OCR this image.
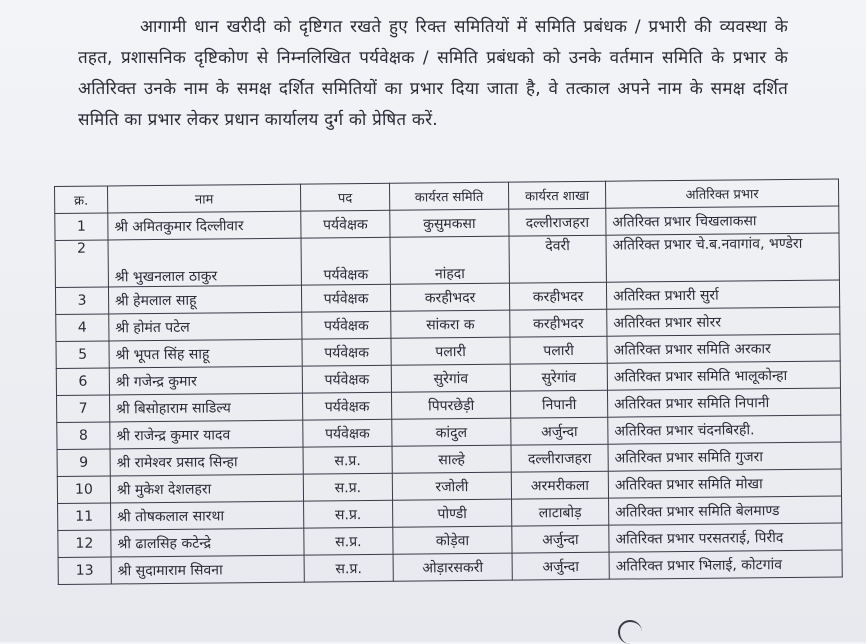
आगामी धान खरीदी को दृष्टिगत रखते हुए रिक्त समितियों में समिति प्रबंधक / प्रभारी की व्यवस्था के तहत, प्रशासनिक दृष्टिकोण से निम्नलिखित पर्यवेक्षक / समिति प्रबंधको को उनके वर्तमान समिति के प्रभार के अतिरिक्त उनके नाम के समक्ष दर्शित समितियों का प्रभार दिया जाता है, वे तत्काल अपने नाम के समक्ष दर्शित समिति का प्रभार लेकर प्रधान कार्यालय दुर्ग को प्रेषित करें.
क्र.	नाम	पद	कार्यरत समिति	कार्यरत शाखा	अतिरिक्त प्रभार
1	श्री अमितकुमार दिल्लीवार	पर्यवेक्षक	कुसुमकसा	दल्लीराजहरा	अतिरिक्त प्रभार चिखलाकसा
2	श्री भुखनलाल ठाकुर	पर्यवेक्षक	नांहदा	देवरी	अतिरिक्त प्रभार चे.ब.नवागांव, भण्डेरा
3	श्री हेमलाल साहू	पर्यवेक्षक	करहीभदर	करहीभदर	अतिरिक्त प्रभारी सुर्रा
4	श्री होमंत पटेल	पर्यवेक्षक	सांकरा क	करहीभदर	अतिरिक्त प्रभार सोरर
5	श्री भूपत सिंह साहू	पर्यवेक्षक	पलारी	पलारी	अतिरिक्त प्रभार समिति अरकार
6	श्री गजेन्द्र कुमार	पर्यवेक्षक	सुरेगांव	सुरेगांव	अतिरिक्त प्रभार समिति भालूकोन्हा
7	श्री बिसोहाराम साडिल्य	पर्यवेक्षक	पिपरछेड़ी	निपानी	अतिरिक्त प्रभार समिति निपानी
8	श्री राजेन्द्र कुमार यादव	पर्यवेक्षक	कांदुल	अर्जुन्दा	अतिरिक्त प्रभार चंदनबिरही.
9	श्री रामेश्वर प्रसाद सिन्हा	स.प्र.	साल्हे	दल्लीराजहरा	अतिरिक्त प्रभार समिति गुजरा
10	श्री मुकेश देशलहरा	स.प्र.	रजोली	अरमरीकला	अतिरिक्त प्रभार समिति मोखा
11	श्री तोषकलाल सारथा	स.प्र.	पोण्डी	लाटाबोड़	अतिरिक्त प्रभार समिति बेलमाण्ड
12	श्री ढालसिह कटेन्द्रे	स.प्र.	कोड़ेवा	अर्जुन्दा	अतिरिक्त प्रभार परसतराई, पिरीद
13	श्री सुदामाराम सिवना	स.प्र.	ओड़ारसकरी	अर्जुन्दा	अतिरिक्त प्रभार भिलाई, कोटगांव
